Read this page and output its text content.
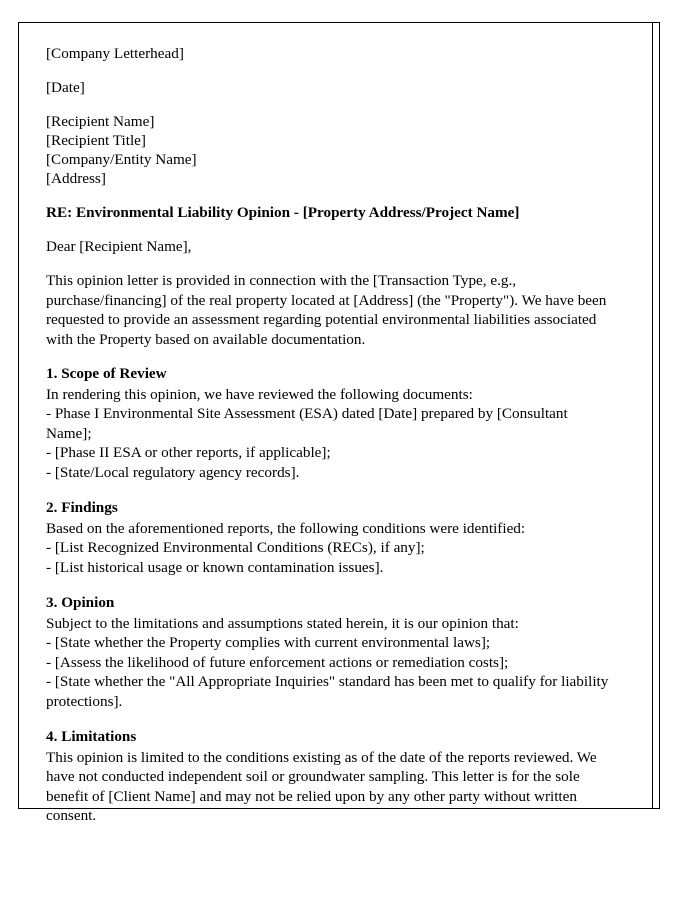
[Company Letterhead]

[Date]

[Recipient Name]

[Recipient Title]

[Company/Entity Name]

[Address]

RE: Environmental Liability Opinion - [Property Address/Project Name]

Dear [Recipient Name],

This opinion letter is provided in connection with the [Transaction Type, e.g., purchase/financing] of the real property located at [Address] (the "Property"). We have been requested to provide an assessment regarding potential environmental liabilities associated with the Property based on available documentation.

1. Scope of Review

In rendering this opinion, we have reviewed the following documents:

- Phase I Environmental Site Assessment (ESA) dated [Date] prepared by [Consultant Name];

- [Phase II ESA or other reports, if applicable];

- [State/Local regulatory agency records].

2. Findings

Based on the aforementioned reports, the following conditions were identified:

- [List Recognized Environmental Conditions (RECs), if any];

- [List historical usage or known contamination issues].

3. Opinion

Subject to the limitations and assumptions stated herein, it is our opinion that:

- [State whether the Property complies with current environmental laws];

- [Assess the likelihood of future enforcement actions or remediation costs];

- [State whether the "All Appropriate Inquiries" standard has been met to qualify for liability protections].

4. Limitations

This opinion is limited to the conditions existing as of the date of the reports reviewed. We have not conducted independent soil or groundwater sampling. This letter is for the sole benefit of [Client Name] and may not be relied upon by any other party without written consent.
